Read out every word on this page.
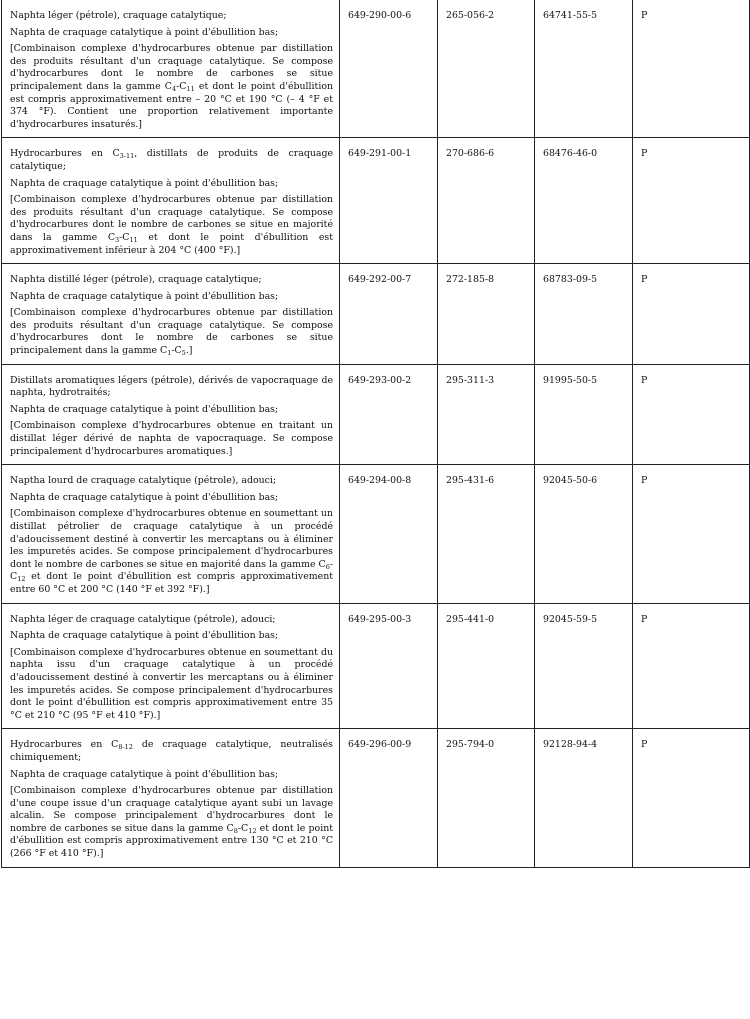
Naphta léger (pétrole), craquage catalytique;
Naphta de craquage catalytique à point d'ébullition bas;
[Combinaison complexe d'hydrocarbures obtenue par distillation des produits résultant d'un craquage catalytique. Se compose d'hydrocarbures dont le nombre de carbones se situe principalement dans la gamme $C_4-C_{11}$ et dont le point d'ébullition est compris approximativement entre – 20 °C et 190 °C (– 4 °F et 374 °F). Contient une proportion relativement importante d'hydrocarbures insaturés.]	649-290-00-6	265-056-2	64741-55-5	P

Hydrocarbures en $C_{3-11}$, distillats de produits de craquage catalytique;
Naphta de craquage catalytique à point d'ébullition bas;
[Combinaison complexe d'hydrocarbures obtenue par distillation des produits résultant d'un craquage catalytique. Se compose d'hydrocarbures dont le nombre de carbones se situe en majorité dans la gamme $C_3-C_{11}$ et dont le point d'ébullition est approximativement inférieur à 204 °C (400 °F).]	649-291-00-1	270-686-6	68476-46-0	P

Naphta distillé léger (pétrole), craquage catalytique;
Naphta de craquage catalytique à point d'ébullition bas;
[Combinaison complexe d'hydrocarbures obtenue par distillation des produits résultant d'un craquage catalytique. Se compose d'hydrocarbures dont le nombre de carbones se situe principalement dans la gamme $C_1-C_5$.]	649-292-00-7	272-185-8	68783-09-5	P

Distillats aromatiques légers (pétrole), dérivés de vapocraquage de naphta, hydrotraités;
Naphta de craquage catalytique à point d'ébullition bas;
[Combinaison complexe d'hydrocarbures obtenue en traitant un distillat léger dérivé de naphta de vapocraquage. Se compose principalement d'hydrocarbures aromatiques.]	649-293-00-2	295-311-3	91995-50-5	P

Naptha lourd de craquage catalytique (pétrole), adouci;
Naphta de craquage catalytique à point d'ébullition bas;
[Combinaison complexe d'hydrocarbures obtenue en soumettant un distillat pétrolier de craquage catalytique à un procédé d'adoucissement destiné à convertir les mercaptans ou à éliminer les impuretés acides. Se compose principalement d'hydrocarbures dont le nombre de carbones se situe en majorité dans la gamme $C_6-C_{12}$ et dont le point d'ébullition est compris approximativement entre 60 °C et 200 °C (140 °F et 392 °F).]	649-294-00-8	295-431-6	92045-50-6	P

Naphta léger de craquage catalytique (pétrole), adouci;
Naphta de craquage catalytique à point d'ébullition bas;
[Combinaison complexe d'hydrocarbures obtenue en soumettant du naphta issu d'un craquage catalytique à un procédé d'adoucissement destiné à convertir les mercaptans ou à éliminer les impuretés acides. Se compose principalement d'hydrocarbures dont le point d'ébullition est compris approximativement entre 35 °C et 210 °C (95 °F et 410 °F).]	649-295-00-3	295-441-0	92045-59-5	P

Hydrocarbures en $C_{8-12}$ de craquage catalytique, neutralisés chimiquement;
Naphta de craquage catalytique à point d'ébullition bas;
[Combinaison complexe d'hydrocarbures obtenue par distillation d'une coupe issue d'un craquage catalytique ayant subi un lavage alcalin. Se compose principalement d'hydrocarbures dont le nombre de carbones se situe dans la gamme $C_8-C_{12}$ et dont le point d'ébullition est compris approximativement entre 130 °C et 210 °C (266 °F et 410 °F).]	649-296-00-9	295-794-0	92128-94-4	P
